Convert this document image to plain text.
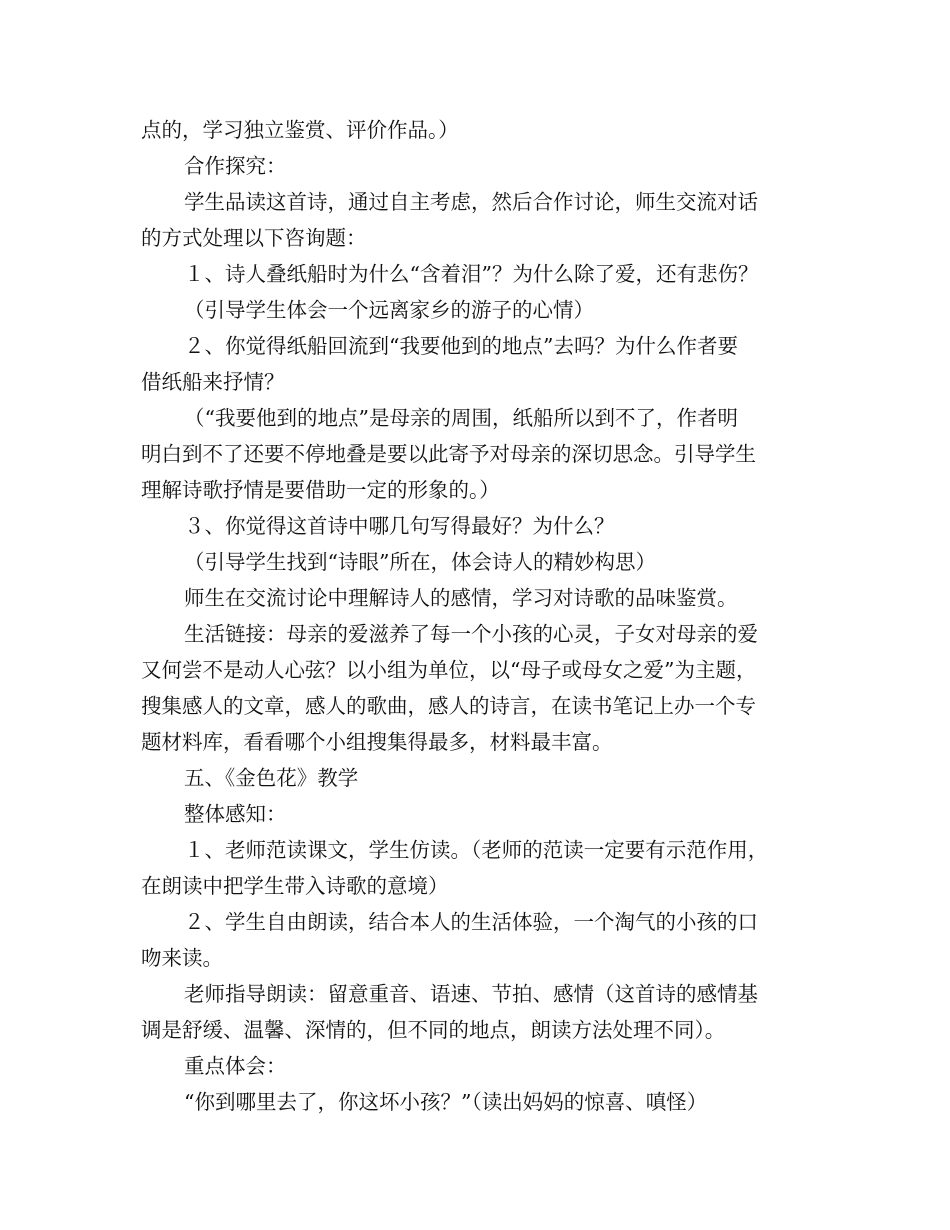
点的，学习独立鉴赏、评价作品。）
合作探究：
学生品读这首诗，通过自主考虑，然后合作讨论，师生交流对话
的方式处理以下咨询题：
１、诗人叠纸船时为什么“含着泪”？为什么除了爱，还有悲伤？
（引导学生体会一个远离家乡的游子的心情）
２、你觉得纸船回流到“我要他到的地点”去吗？为什么作者要
借纸船来抒情？
（“我要他到的地点”是母亲的周围，纸船所以到不了，作者明
明白到不了还要不停地叠是要以此寄予对母亲的深切思念。引导学生
理解诗歌抒情是要借助一定的形象的。）
３、你觉得这首诗中哪几句写得最好？为什么？
（引导学生找到“诗眼”所在，体会诗人的精妙构思）
师生在交流讨论中理解诗人的感情，学习对诗歌的品味鉴赏。
生活链接：母亲的爱滋养了每一个小孩的心灵，子女对母亲的爱
又何尝不是动人心弦？以小组为单位，以“母子或母女之爱”为主题，
搜集感人的文章，感人的歌曲，感人的诗言，在读书笔记上办一个专
题材料库，看看哪个小组搜集得最多，材料最丰富。
五、《金色花》教学
整体感知：
１、老师范读课文，学生仿读。（老师的范读一定要有示范作用，
在朗读中把学生带入诗歌的意境）
２、学生自由朗读，结合本人的生活体验，一个淘气的小孩的口
吻来读。
老师指导朗读：留意重音、语速、节拍、感情（这首诗的感情基
调是舒缓、温馨、深情的，但不同的地点，朗读方法处理不同）。
重点体会：
“你到哪里去了，你这坏小孩？”（读出妈妈的惊喜、嗔怪）
